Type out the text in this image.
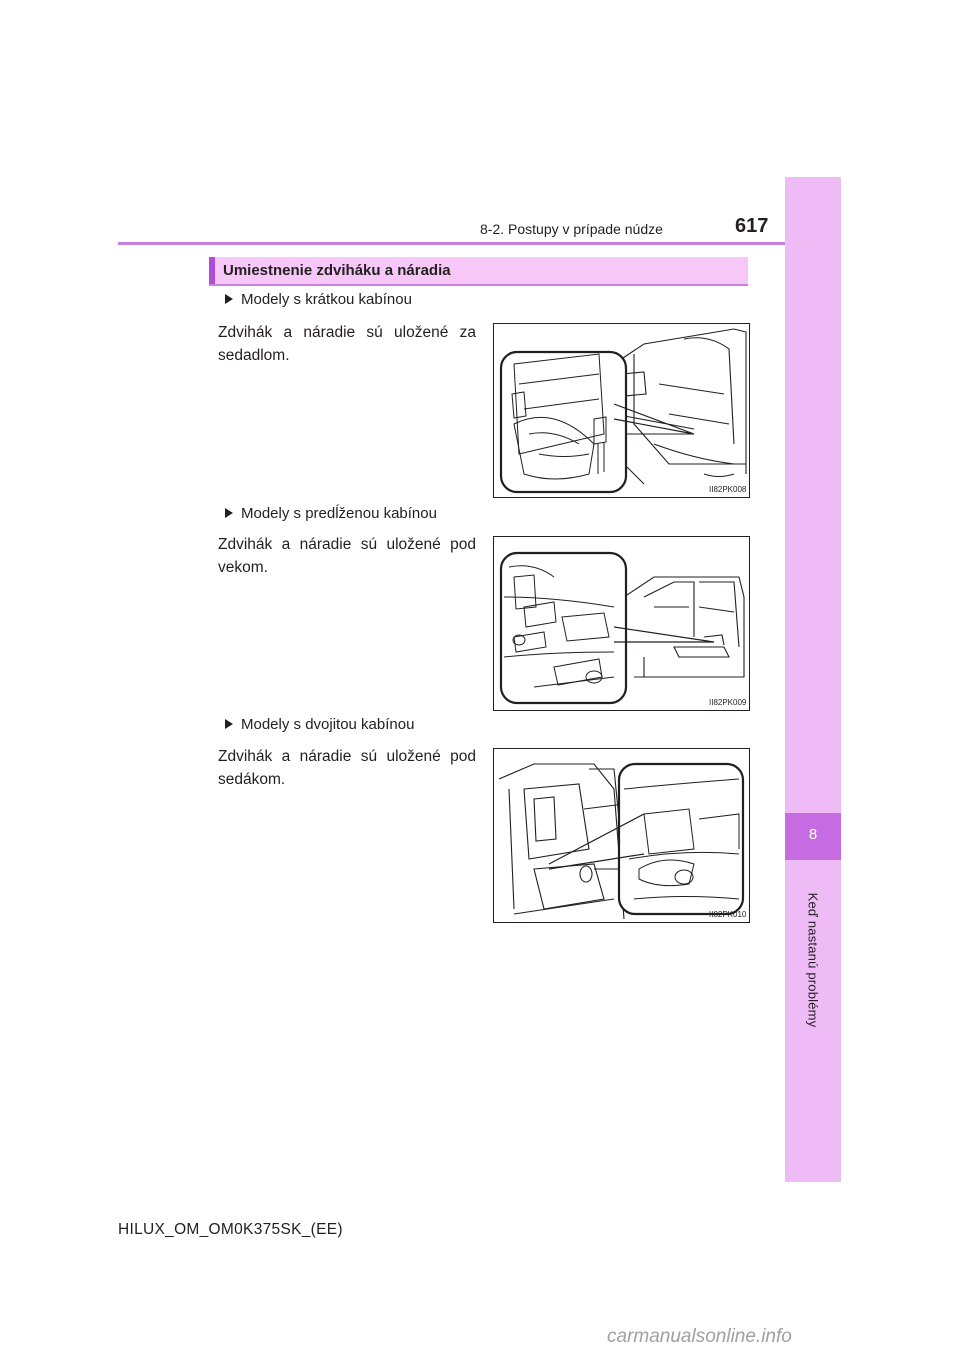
8-2. Postupy v prípade núdze	617
8
Keď nastanú problémy
Umiestnenie zdviháku a náradia
Modely s krátkou kabínou
Zdvihák a náradie sú uložené za sedadlom.
II82PK008
Modely s predĺženou kabínou
Zdvihák a náradie sú uložené pod vekom.
II82PK009
Modely s dvojitou kabínou
Zdvihák a náradie sú uložené pod sedákom.
II82PK010
HILUX_OM_OM0K375SK_(EE)
carmanualsonline.info
